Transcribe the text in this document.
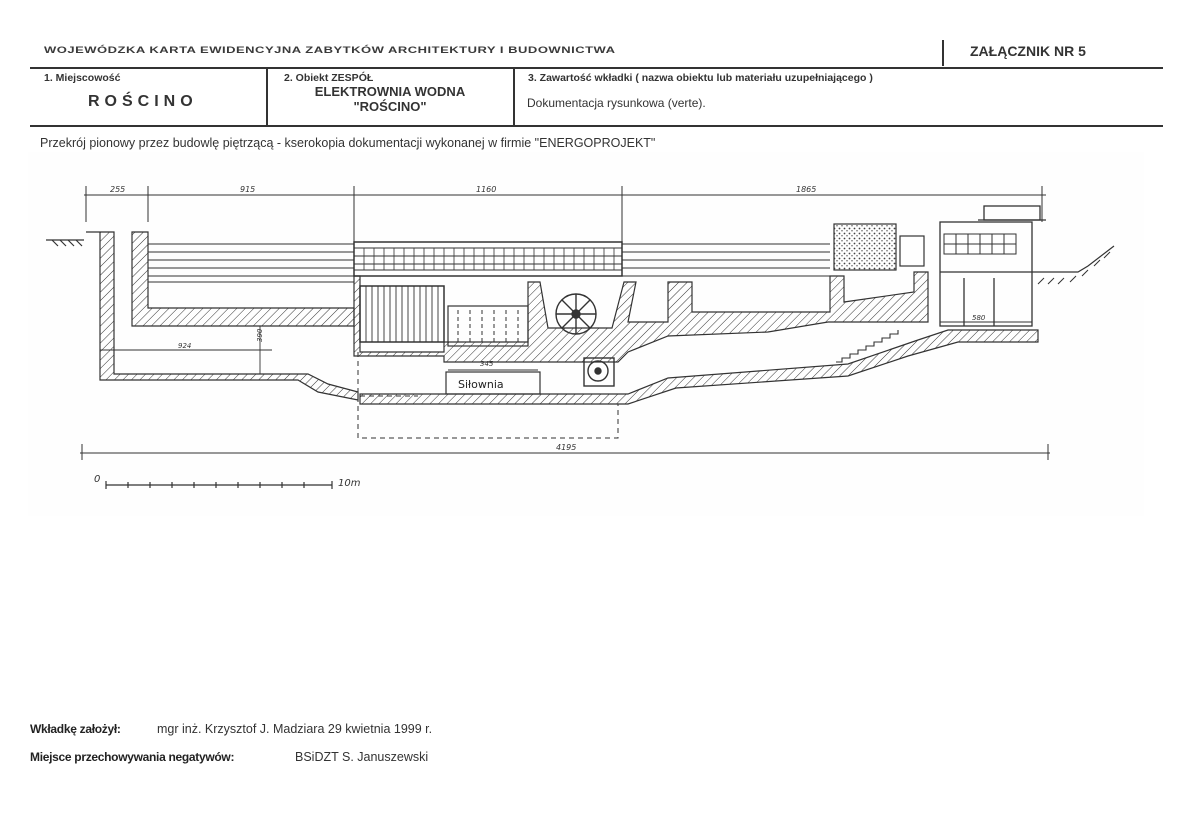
WOJEWÓDZKA KARTA EWIDENCYJNA ZABYTKÓW ARCHITEKTURY I BUDOWNICTWA	ZAŁĄCZNIK NR 5
1. Miejscowość
ROŚCINO
2. Obiekt ZESPÓŁ
ELEKTROWNIA WODNA
"ROŚCINO"
3. Zawartość wkładki ( nazwa obiektu lub materiału uzupełniającego )
Dokumentacja rysunkowa (verte).
Przekrój pionowy przez budowlę piętrzącą - kserokopia dokumentacji wykonanej w firmie "ENERGOPROJEKT"
255	915	1160	1865
Siłownia
924
390
345
580
4195
0	10m
Wkładkę założył:	mgr inż. Krzysztof J. Madziara 29 kwietnia 1999 r.
Miejsce przechowywania negatywów:	BSiDZT S. Januszewski
